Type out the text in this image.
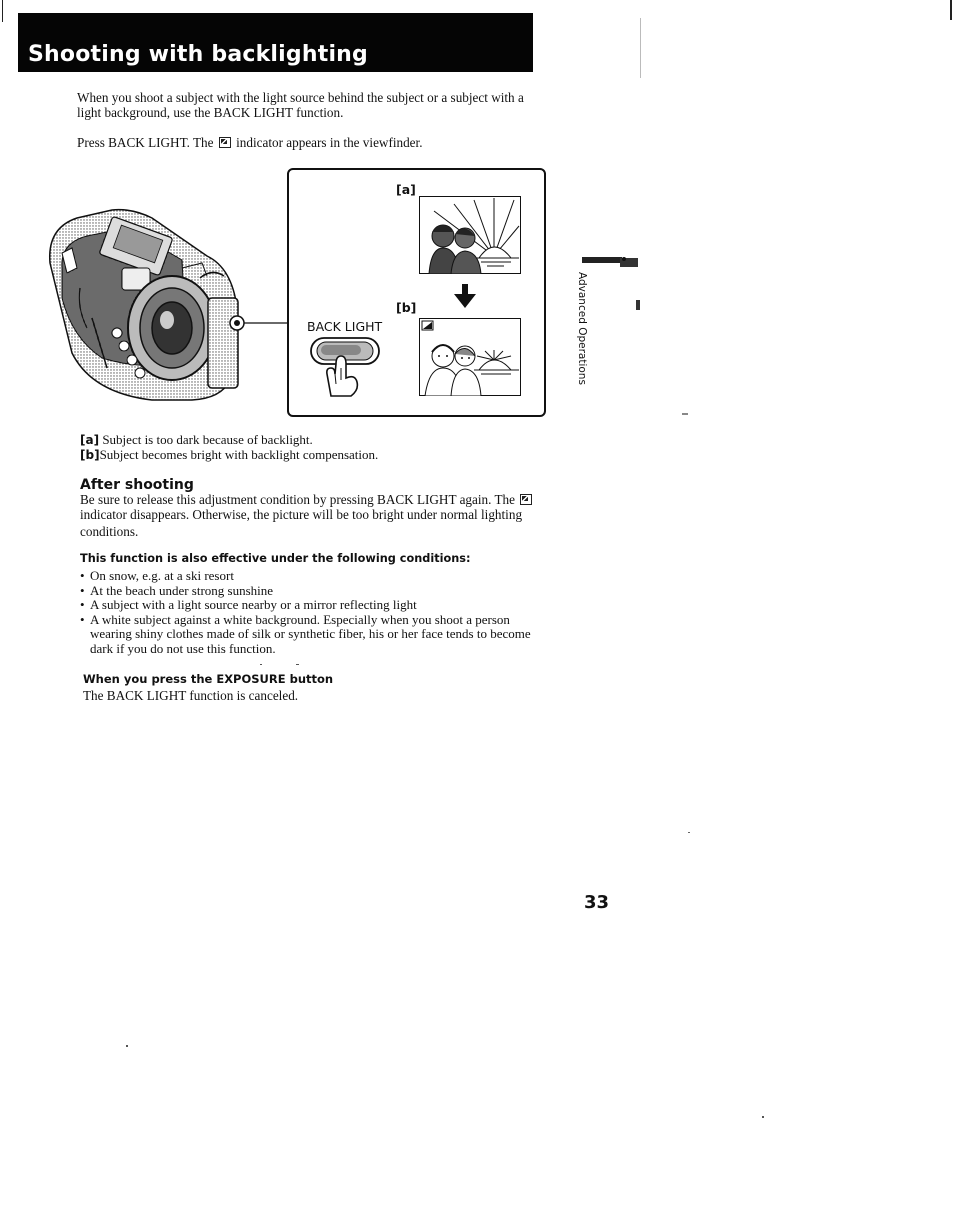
Shooting with backlighting
When you shoot a subject with the light source behind the subject or a subject with a
light background, use the BACK LIGHT function.
Press BACK LIGHT. The indicator appears in the viewfinder.
[a]
[b]
BACK LIGHT
[a] Subject is too dark because of backlight.
[b]Subject becomes bright with backlight compensation.
After shooting
Be sure to release this adjustment condition by pressing BACK LIGHT again. The
indicator disappears. Otherwise, the picture will be too bright under normal lighting
conditions.
This function is also effective under the following conditions:
• On snow, e.g. at a ski resort
• At the beach under strong sunshine
• A subject with a light source nearby or a mirror reflecting light
• A white subject against a white background. Especially when you shoot a person
wearing shiny clothes made of silk or synthetic fiber, his or her face tends to become
dark if you do not use this function.
When you press the EXPOSURE button
The BACK LIGHT function is canceled.
Advanced Operations
33
